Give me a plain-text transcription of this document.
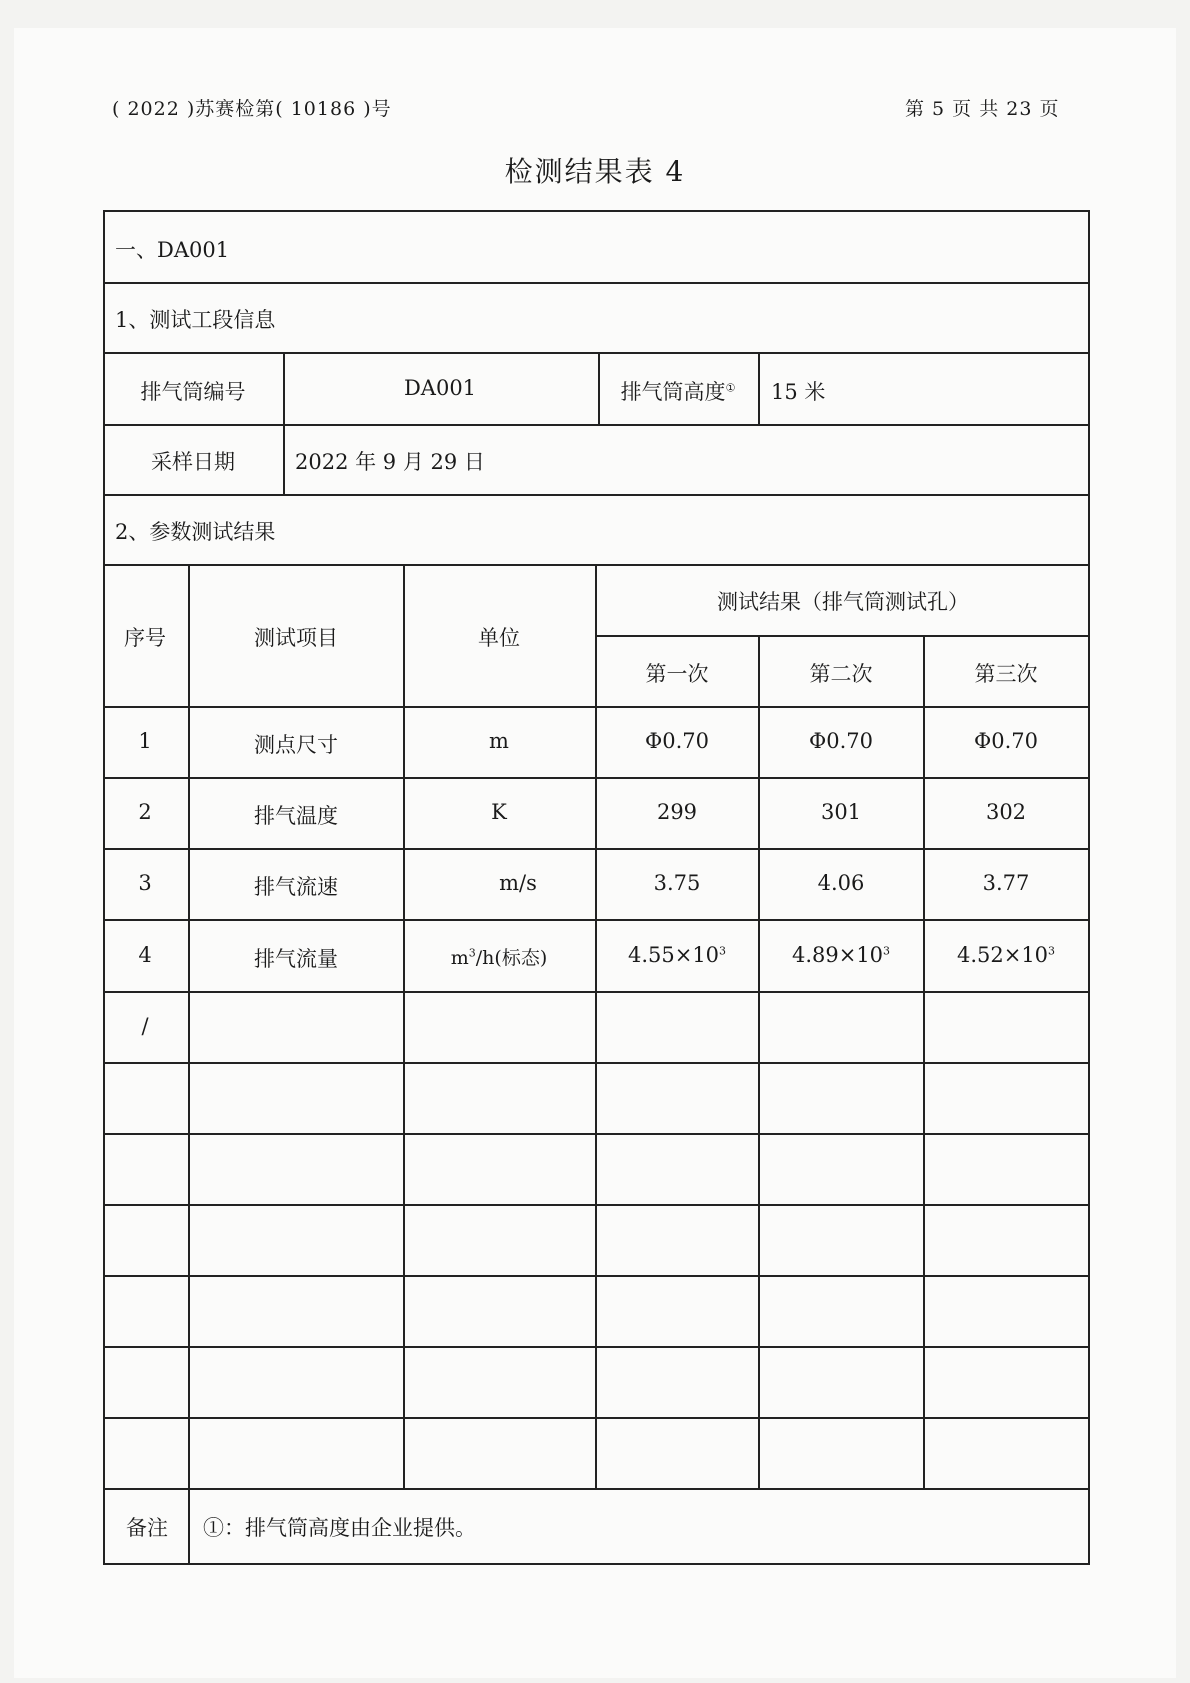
( 2022 )苏赛检第( 10186 )号	第 5 页 共 23 页
检测结果表 4
一、DA001
1、测试工段信息
排气筒编号	DA001	排气筒高度① 15 米
采样日期	2022 年 9 月 29 日
2、参数测试结果
序号	测试项目	单位
测试结果（排气筒测试孔）
第一次	第二次	第三次
1	测点尺寸	m	Φ0.70	Φ0.70	Φ0.70
2	排气温度	K	299	301	302
3	排气流速	m/s	3.75	4.06	3.77
4	排气流量	$m^3/h$(标态)	$4.55\times 10^3$	$4.89\times 10^3$	$4.52\times 10^3$
/
备注 ①：排气筒高度由企业提供。
